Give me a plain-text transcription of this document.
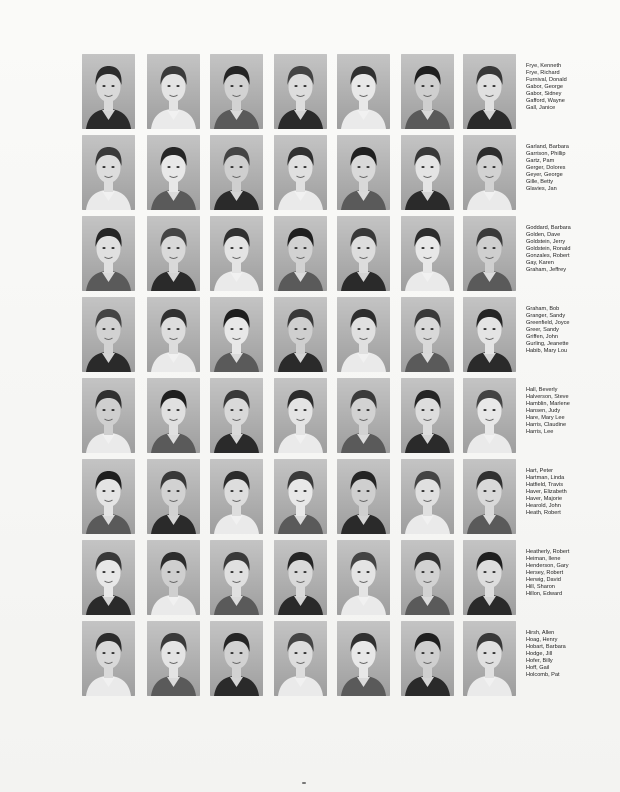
Frye, Kenneth
Frye, Richard
Furnival, Donald
Gabor, George
Gabor, Sidney
Gafford, Wayne
Gall, Janice
Garland, Barbara
Garrison, Phillip
Gartz, Pam
Gerger, Dolores
Geyer, George
Gille, Betty
Glavies, Jan
Goddard, Barbara
Golden, Dave
Goldstein, Jerry
Goldstein, Ronald
Gonzales, Robert
Gay, Karen
Graham, Jeffrey
Graham, Bob
Granger, Sandy
Greenfield, Joyce
Greer, Sandy
Griffen, John
Gurling, Jeanette
Habib, Mary Lou
Hall, Beverly
Halverson, Steve
Hamblin, Marlene
Hansen, Judy
Hare, Mary Lee
Harris, Claudine
Harris, Lee
Hart, Peter
Hartman, Linda
Hatfield, Travis
Haver, Elizabeth
Haver, Majorie
Hearold, John
Heath, Robert
Heatherly, Robert
Heiman, Ilene
Henderson, Gary
Hersey, Robert
Herwig, David
Hill, Sharon
Hillon, Edward
Hirsh, Allen
Hoag, Henry
Hobart, Barbara
Hodge, Jill
Hofer, Billy
Hoff, Gail
Holcomb, Pat
